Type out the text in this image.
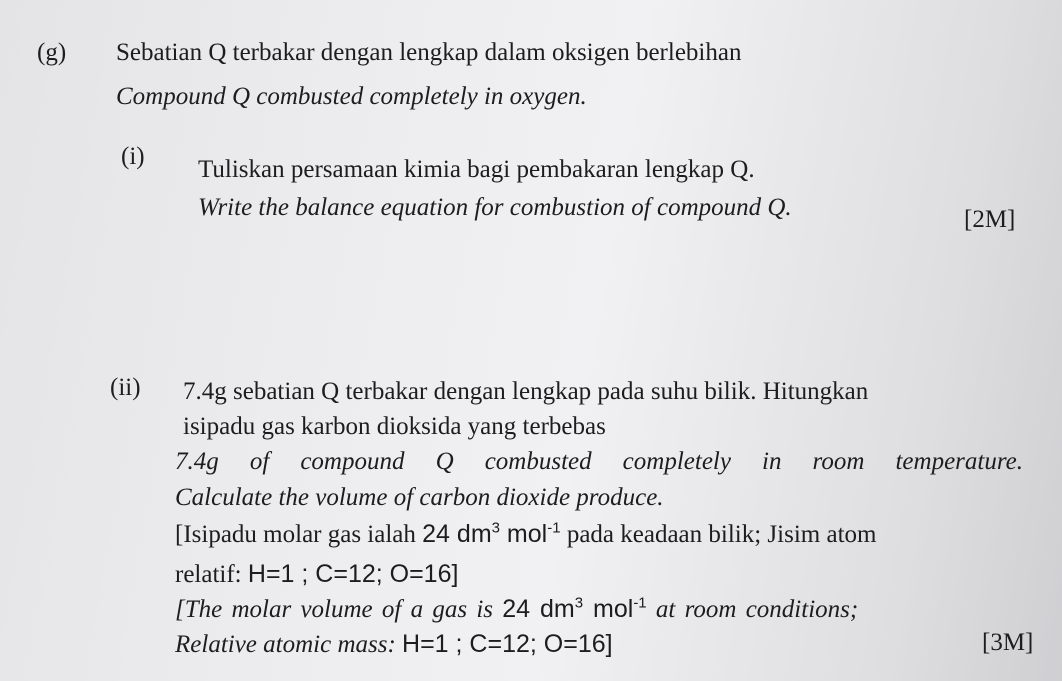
(g) Sebatian Q terbakar dengan lengkap dalam oksigen berlebihan
Compound Q combusted completely in oxygen.
(i) Tuliskan persamaan kimia bagi pembakaran lengkap Q.
Write the balance equation for combustion of compound Q.	[2M]
(ii) 7.4g sebatian Q terbakar dengan lengkap pada suhu bilik. Hitungkan
isipadu gas karbon dioksida yang terbebas
7.4g of compound Q combusted completely in room temperature.
Calculate the volume of carbon dioxide produce.
[Isipadu molar gas ialah 24 $dm^3$ mol$^{-1}$ pada keadaan bilik; Jisim atom
relatif: H=1 ; C=12; O=16]
[The molar volume of a gas is 24 $dm^3$ mol$^{-1}$ at room conditions;
Relative atomic mass: H=1 ; C=12; O=16]	[3M]
